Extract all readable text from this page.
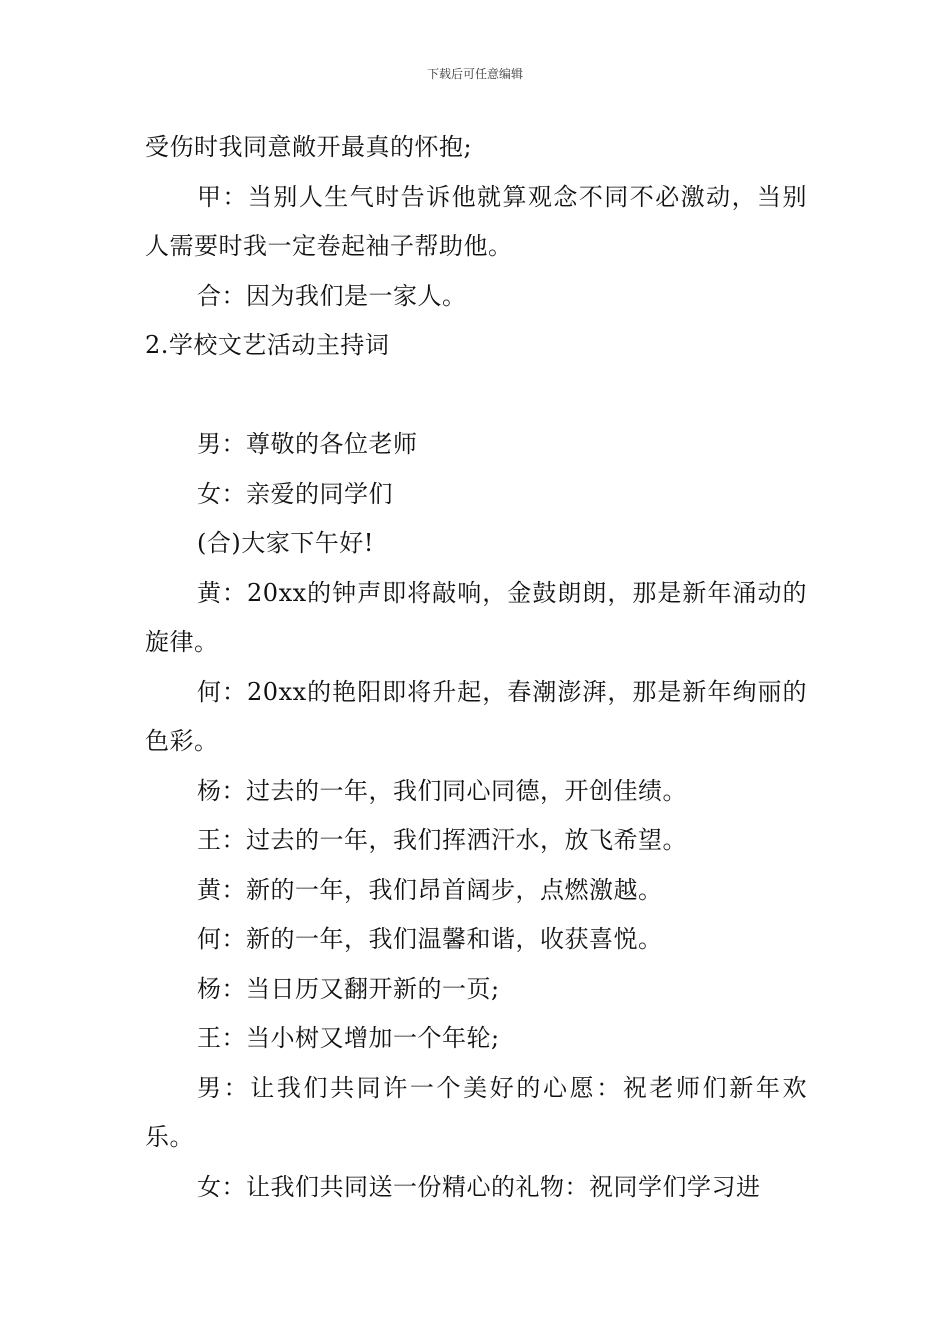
下载后可任意编辑

受伤时我同意敞开最真的怀抱;

甲：当别人生气时告诉他就算观念不同不必激动，当别人需要时我一定卷起袖子帮助他。

合：因为我们是一家人。

2.学校文艺活动主持词

男：尊敬的各位老师

女：亲爱的同学们

(合)大家下午好!

黄：20xx的钟声即将敲响，金鼓朗朗，那是新年涌动的旋律。

何：20xx的艳阳即将升起，春潮澎湃，那是新年绚丽的色彩。

杨：过去的一年，我们同心同德，开创佳绩。

王：过去的一年，我们挥洒汗水，放飞希望。

黄：新的一年，我们昂首阔步，点燃激越。

何：新的一年，我们温馨和谐，收获喜悦。

杨：当日历又翻开新的一页;

王：当小树又增加一个年轮;

男：让我们共同许一个美好的心愿：祝老师们新年欢乐。

女：让我们共同送一份精心的礼物：祝同学们学习进
